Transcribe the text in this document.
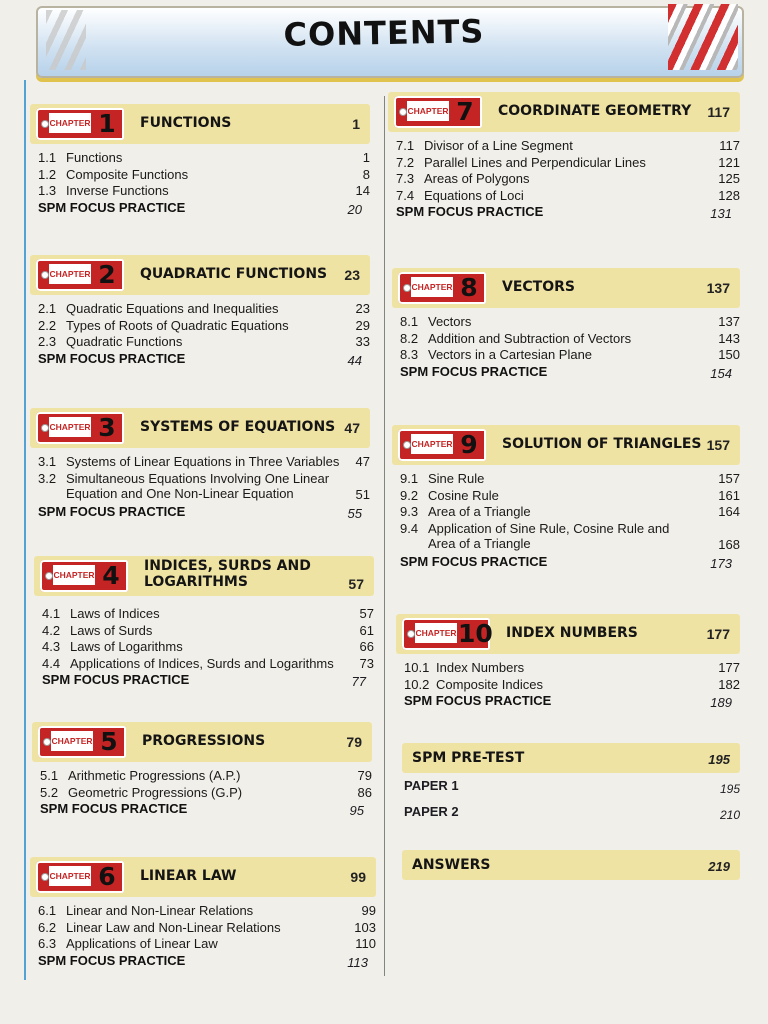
CONTENTS
CHAPTER 1	FUNCTIONS	1
1.1 Functions	1
1.2 Composite Functions	8
1.3 Inverse Functions	14
SPM FOCUS PRACTICE	20
CHAPTER 2	QUADRATIC FUNCTIONS 23
2.1 Quadratic Equations and Inequalities	23
2.2 Types of Roots of Quadratic Equations	29
2.3 Quadratic Functions	33
SPM FOCUS PRACTICE	44
CHAPTER 3	SYSTEMS OF EQUATIONS 47
3.1 Systems of Linear Equations in Three Variables 47
3.2 Simultaneous Equations Involving One Linear
Equation and One Non-Linear Equation	51
SPM FOCUS PRACTICE	55
CHAPTER 4	INDICES, SURDS AND
LOGARITHMS	57
4.1 Laws of Indices	57
4.2 Laws of Surds	61
4.3 Laws of Logarithms	66
4.4 Applications of Indices, Surds and Logarithms 73
SPM FOCUS PRACTICE	77
CHAPTER 5	PROGRESSIONS	79
5.1 Arithmetic Progressions (A.P.)	79
5.2 Geometric Progressions (G.P)	86
SPM FOCUS PRACTICE	95
CHAPTER 6	LINEAR LAW	99
6.1 Linear and Non-Linear Relations	99
6.2 Linear Law and Non-Linear Relations	103
6.3 Applications of Linear Law	110
SPM FOCUS PRACTICE	113
CHAPTER 7	COORDINATE GEOMETRY 117
7.1 Divisor of a Line Segment	117
7.2 Parallel Lines and Perpendicular Lines	121
7.3 Areas of Polygons	125
7.4 Equations of Loci	128
SPM FOCUS PRACTICE	131
CHAPTER 8	VECTORS	137
8.1 Vectors	137
8.2 Addition and Subtraction of Vectors	143
8.3 Vectors in a Cartesian Plane	150
SPM FOCUS PRACTICE	154
CHAPTER 9	SOLUTION OF TRIANGLES 157
9.1 Sine Rule	157
9.2 Cosine Rule	161
9.3 Area of a Triangle	164
9.4 Application of Sine Rule, Cosine Rule and
Area of a Triangle	168
SPM FOCUS PRACTICE	173
CHAPTER 10 INDEX NUMBERS	177
10.1 Index Numbers	177
10.2 Composite Indices	182
SPM FOCUS PRACTICE	189
SPM PRE-TEST	195
PAPER 1	195
PAPER 2	210
ANSWERS	219
